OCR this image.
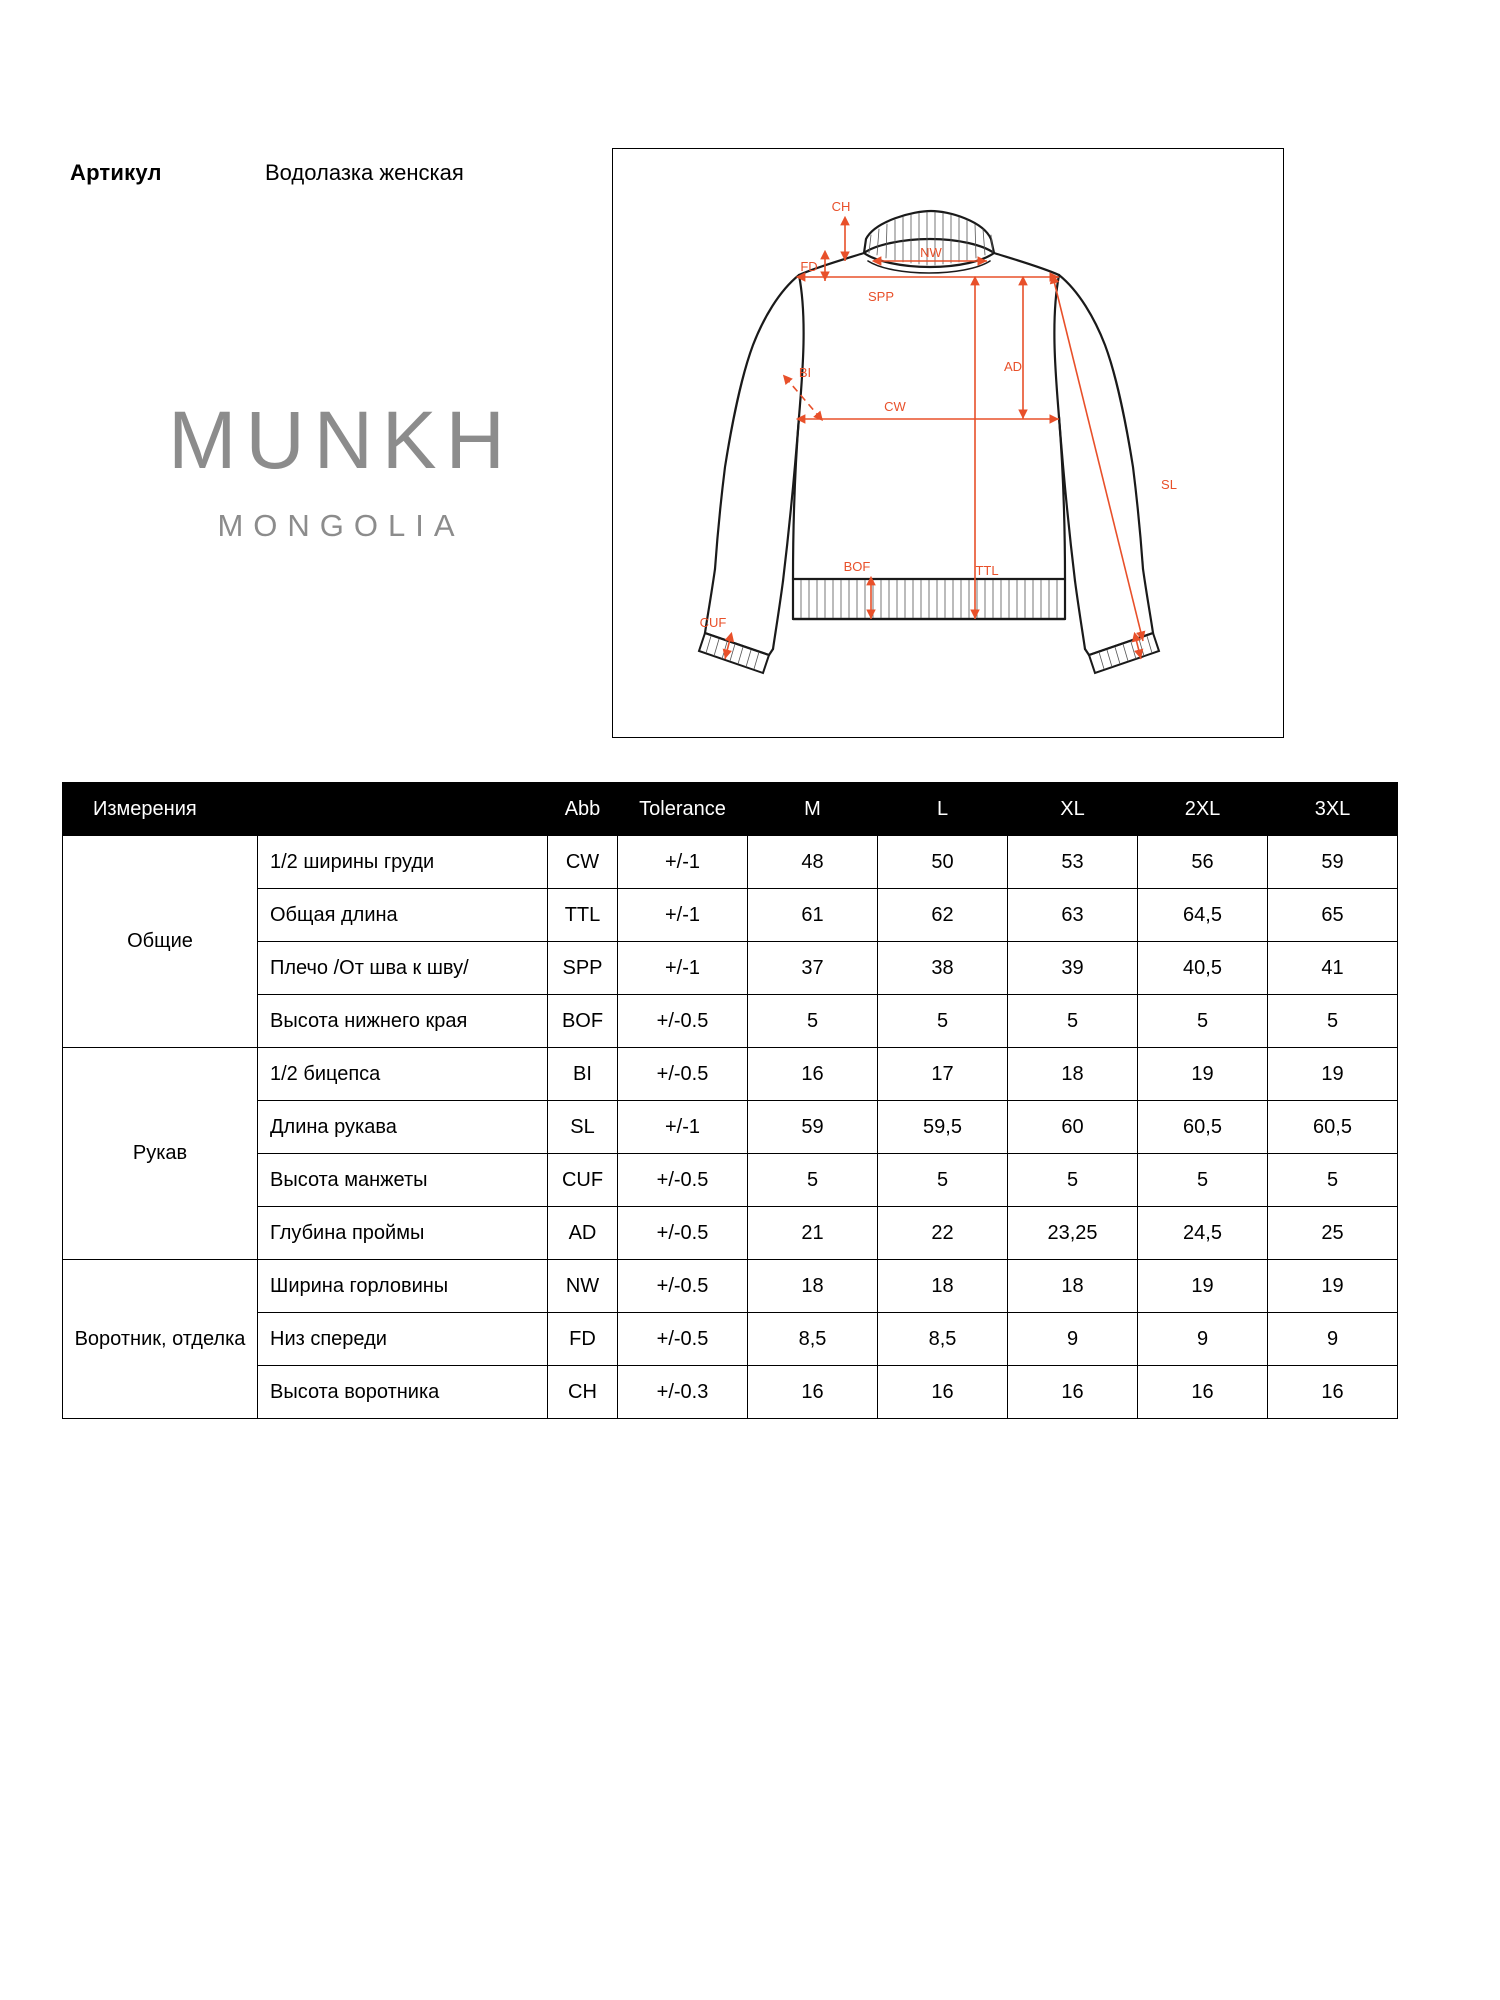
Артикул	Водолазка женская
MUNKH
MONGOLIA
CH
NW
FD
SPP
BI	AD
CW
SL
TTL
BOF
CUF
Измерения		Abb	Tolerance	M	L	XL	2XL	3XL
Общие	1/2 ширины груди	CW	+/-1	48	50	53	56	59
	Общая длина	TTL	+/-1	61	62	63	64,5	65
	Плечо /От шва к шву/	SPP	+/-1	37	38	39	40,5	41
	Высота нижнего края	BOF	+/-0.5	5	5	5	5	5
Рукав	1/2 бицепса	BI	+/-0.5	16	17	18	19	19
	Длина рукава	SL	+/-1	59	59,5	60	60,5	60,5
	Высота манжеты	CUF	+/-0.5	5	5	5	5	5
	Глубина проймы	AD	+/-0.5	21	22	23,25	24,5	25
Воротник, отделка	Ширина горловины	NW	+/-0.5	18	18	18	19	19
	Низ спереди	FD	+/-0.5	8,5	8,5	9	9	9
	Высота воротника	CH	+/-0.3	16	16	16	16	16
